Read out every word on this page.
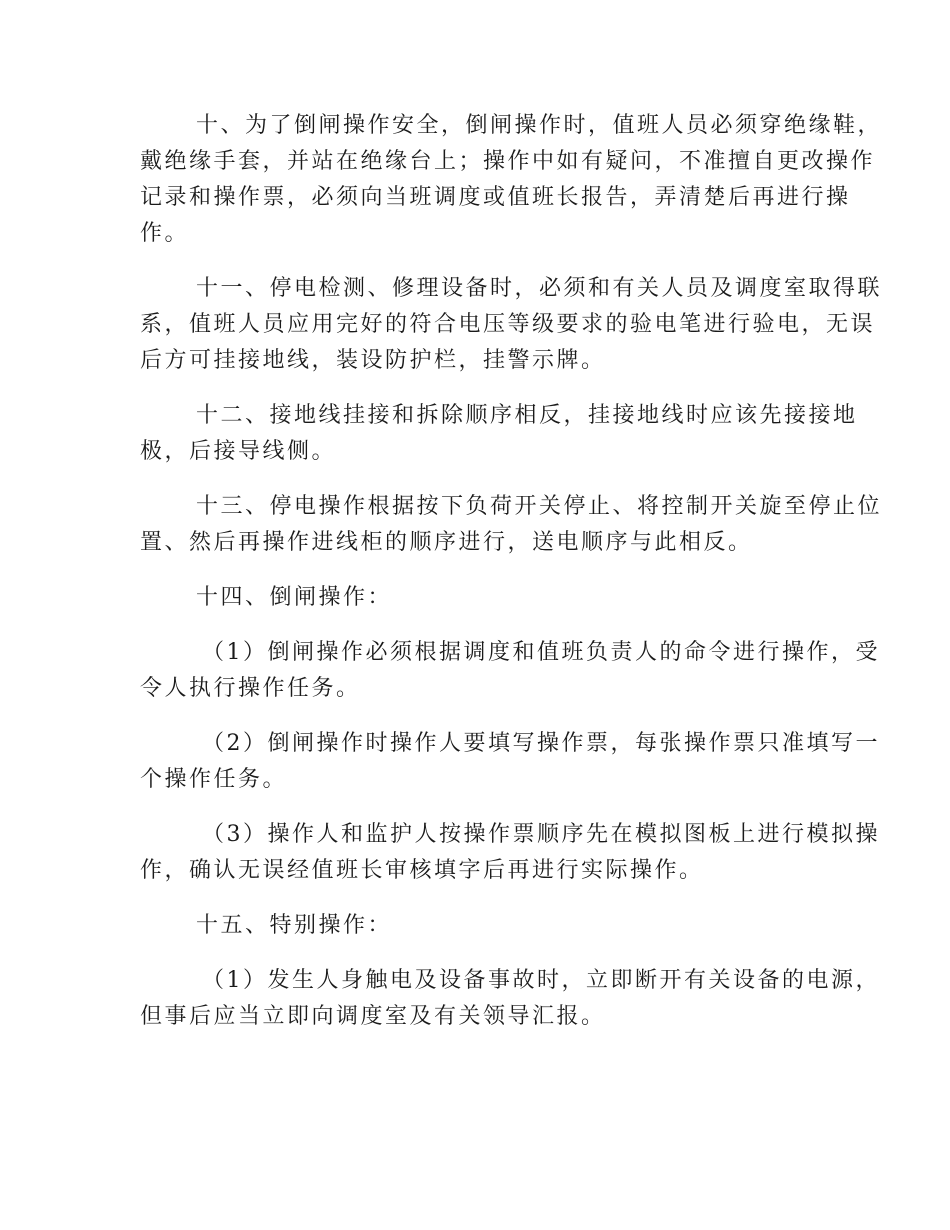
十、为了倒闸操作安全，倒闸操作时，值班人员必须穿绝缘鞋，
戴绝缘手套，并站在绝缘台上；操作中如有疑问，不准擅自更改操作
记录和操作票，必须向当班调度或值班长报告，弄清楚后再进行操
作。
十一、停电检测、修理设备时，必须和有关人员及调度室取得联
系，值班人员应用完好的符合电压等级要求的验电笔进行验电，无误
后方可挂接地线，装设防护栏，挂警示牌。
十二、接地线挂接和拆除顺序相反，挂接地线时应该先接接地
极，后接导线侧。
十三、停电操作根据按下负荷开关停止、将控制开关旋至停止位
置、然后再操作进线柜的顺序进行，送电顺序与此相反。
十四、倒闸操作：
（1）倒闸操作必须根据调度和值班负责人的命令进行操作，受
令人执行操作任务。
（2）倒闸操作时操作人要填写操作票，每张操作票只准填写一
个操作任务。
（3）操作人和监护人按操作票顺序先在模拟图板上进行模拟操
作，确认无误经值班长审核填字后再进行实际操作。
十五、特别操作：
（1）发生人身触电及设备事故时，立即断开有关设备的电源，
但事后应当立即向调度室及有关领导汇报。
